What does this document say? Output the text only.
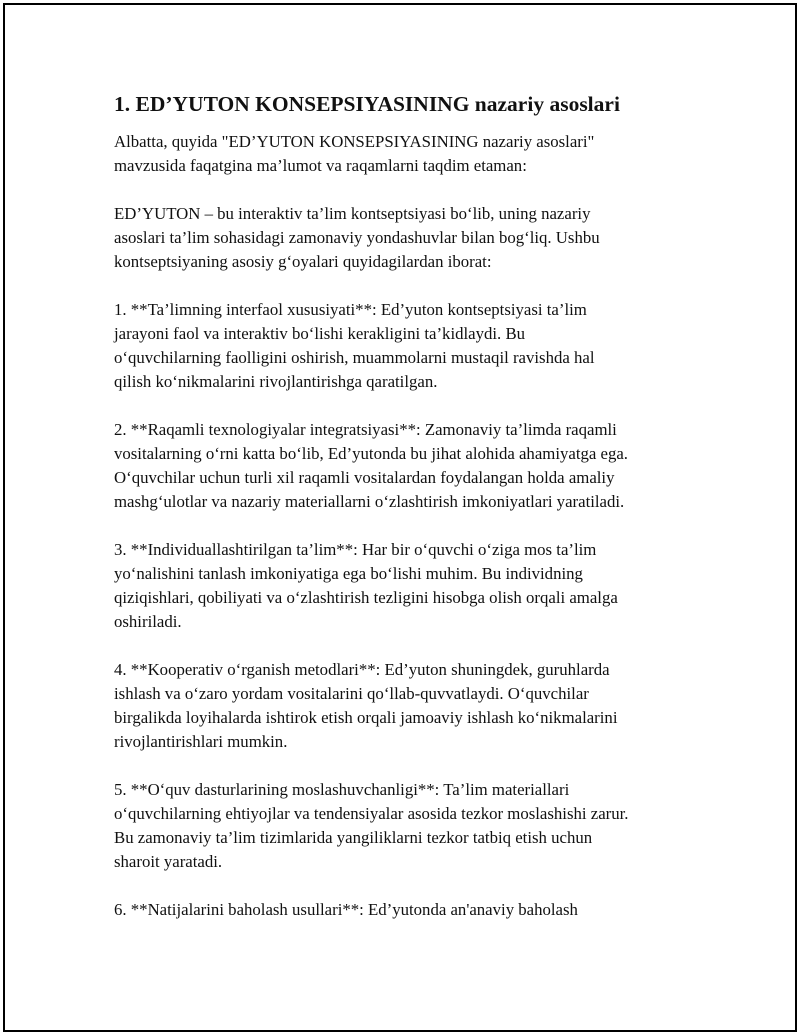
1. ED’YUTON KONSEPSIYASINING nazariy asoslari

Albatta, quyida "ED’YUTON KONSEPSIYASINING nazariy asoslari"
mavzusida faqatgina ma’lumot va raqamlarni taqdim etaman:

ED’YUTON – bu interaktiv ta’lim kontseptsiyasi bo‘lib, uning nazariy
asoslari ta’lim sohasidagi zamonaviy yondashuvlar bilan bog‘liq. Ushbu
kontseptsiyaning asosiy g‘oyalari quyidagilardan iborat:

1. **Ta’limning interfaol xususiyati**: Ed’yuton kontseptsiyasi ta’lim
jarayoni faol va interaktiv bo‘lishi kerakligini ta’kidlaydi. Bu
o‘quvchilarning faolligini oshirish, muammolarni mustaqil ravishda hal
qilish ko‘nikmalarini rivojlantirishga qaratilgan.

2. **Raqamli texnologiyalar integratsiyasi**: Zamonaviy ta’limda raqamli
vositalarning o‘rni katta bo‘lib, Ed’yutonda bu jihat alohida ahamiyatga ega.
O‘quvchilar uchun turli xil raqamli vositalardan foydalangan holda amaliy
mashg‘ulotlar va nazariy materiallarni o‘zlashtirish imkoniyatlari yaratiladi.

3. **Individuallashtirilgan ta’lim**: Har bir o‘quvchi o‘ziga mos ta’lim
yo‘nalishini tanlash imkoniyatiga ega bo‘lishi muhim. Bu individning
qiziqishlari, qobiliyati va o‘zlashtirish tezligini hisobga olish orqali amalga
oshiriladi.

4. **Kooperativ o‘rganish metodlari**: Ed’yuton shuningdek, guruhlarda
ishlash va o‘zaro yordam vositalarini qo‘llab-quvvatlaydi. O‘quvchilar
birgalikda loyihalarda ishtirok etish orqali jamoaviy ishlash ko‘nikmalarini
rivojlantirishlari mumkin.

5. **O‘quv dasturlarining moslashuvchanligi**: Ta’lim materiallari
o‘quvchilarning ehtiyojlar va tendensiyalar asosida tezkor moslashishi zarur.
Bu zamonaviy ta’lim tizimlarida yangiliklarni tezkor tatbiq etish uchun
sharoit yaratadi.

6. **Natijalarini baholash usullari**: Ed’yutonda an'anaviy baholash
